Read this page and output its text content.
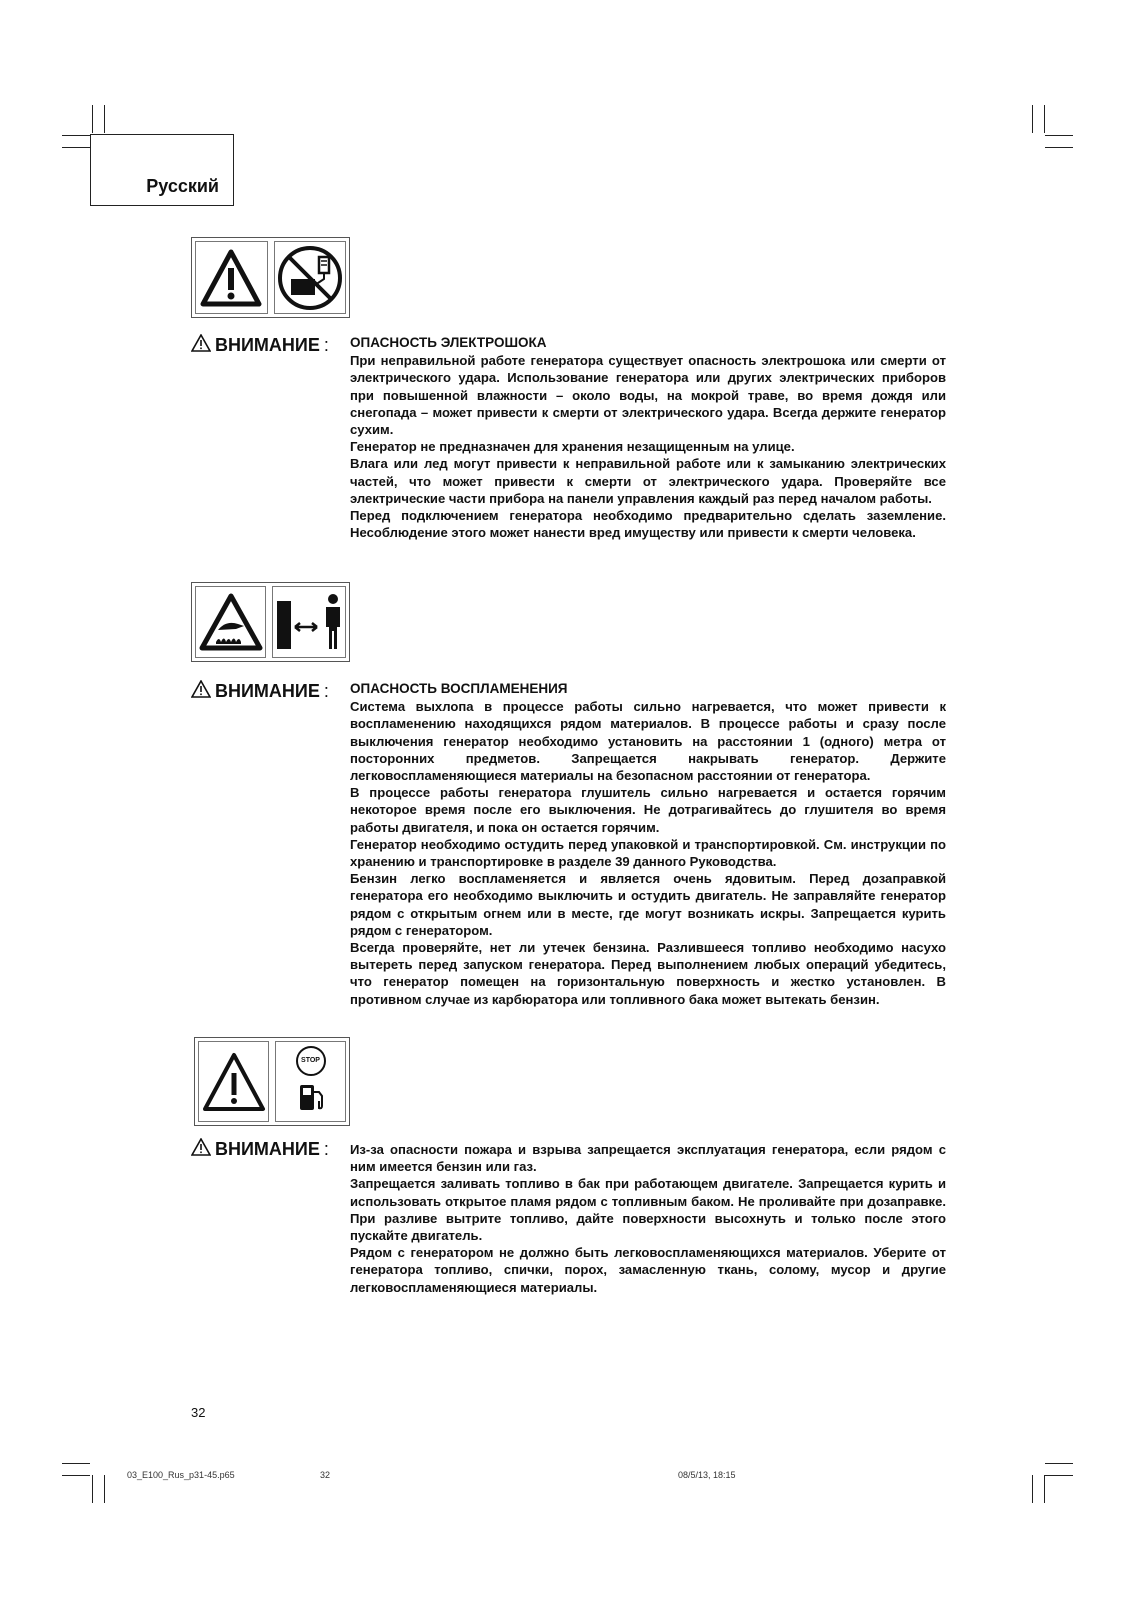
Русский
ВНИМАНИЕ : ОПАСНОСТЬ ЭЛЕКТРОШОКА

При неправильной работе генератора существует опасность электрошока или смерти от электрического удара. Использование генератора или других электрических приборов при повышенной влажности – около воды, на мокрой траве, во время дождя или снегопада – может привести к смерти от электрического удара. Всегда держите генератор сухим.

Генератор не предназначен для хранения незащищенным на улице.

Влага или лед могут привести к неправильной работе или к замыканию электрических частей, что может привести к смерти от электрического удара. Проверяйте все электрические части прибора на панели управления каждый раз перед началом работы.

Перед подключением генератора необходимо предварительно сделать заземление. Несоблюдение этого может нанести вред имуществу или привести к смерти человека.

ВНИМАНИЕ : ОПАСНОСТЬ ВОСПЛАМЕНЕНИЯ

Система выхлопа в процессе работы сильно нагревается, что может привести к воспламенению находящихся рядом материалов. В процессе работы и сразу после выключения генератор необходимо установить на расстоянии 1 (одного) метра от посторонних предметов. Запрещается накрывать генератор. Держите легковоспламеняющиеся материалы на безопасном расстоянии от генератора.

В процессе работы генератора глушитель сильно нагревается и остается горячим некоторое время после его выключения. Не дотрагивайтесь до глушителя во время работы двигателя, и пока он остается горячим.

Генератор необходимо остудить перед упаковкой и транспортировкой. См. инструкции по хранению и транспортировке в разделе 39 данного Руководства.

Бензин легко воспламеняется и является очень ядовитым. Перед дозаправкой генератора его необходимо выключить и остудить двигатель. Не заправляйте генератор рядом с открытым огнем или в месте, где могут возникать искры. Запрещается курить рядом с генератором.

Всегда проверяйте, нет ли утечек бензина. Разлившееся топливо необходимо насухо вытереть перед запуском генератора. Перед выполнением любых операций убедитесь, что генератор помещен на горизонтальную поверхность и жестко установлен. В противном случае из карбюратора или топливного бака может вытекать бензин.

STOP
ВНИМАНИЕ : Из-за опасности пожара и взрыва запрещается эксплуатация генератора, если рядом с ним имеется бензин или газ.

Запрещается заливать топливо в бак при работающем двигателе. Запрещается курить и использовать открытое пламя рядом с топливным баком. Не проливайте при дозаправке. При разливе вытрите топливо, дайте поверхности высохнуть и только после этого пускайте двигатель.

Рядом с генератором не должно быть легковоспламеняющихся материалов. Уберите от генератора топливо, спички, порох, замасленную ткань, солому, мусор и другие легковоспламеняющиеся материалы.

32
03_E100_Rus_p31-45.p65	32	08/5/13, 18:15
